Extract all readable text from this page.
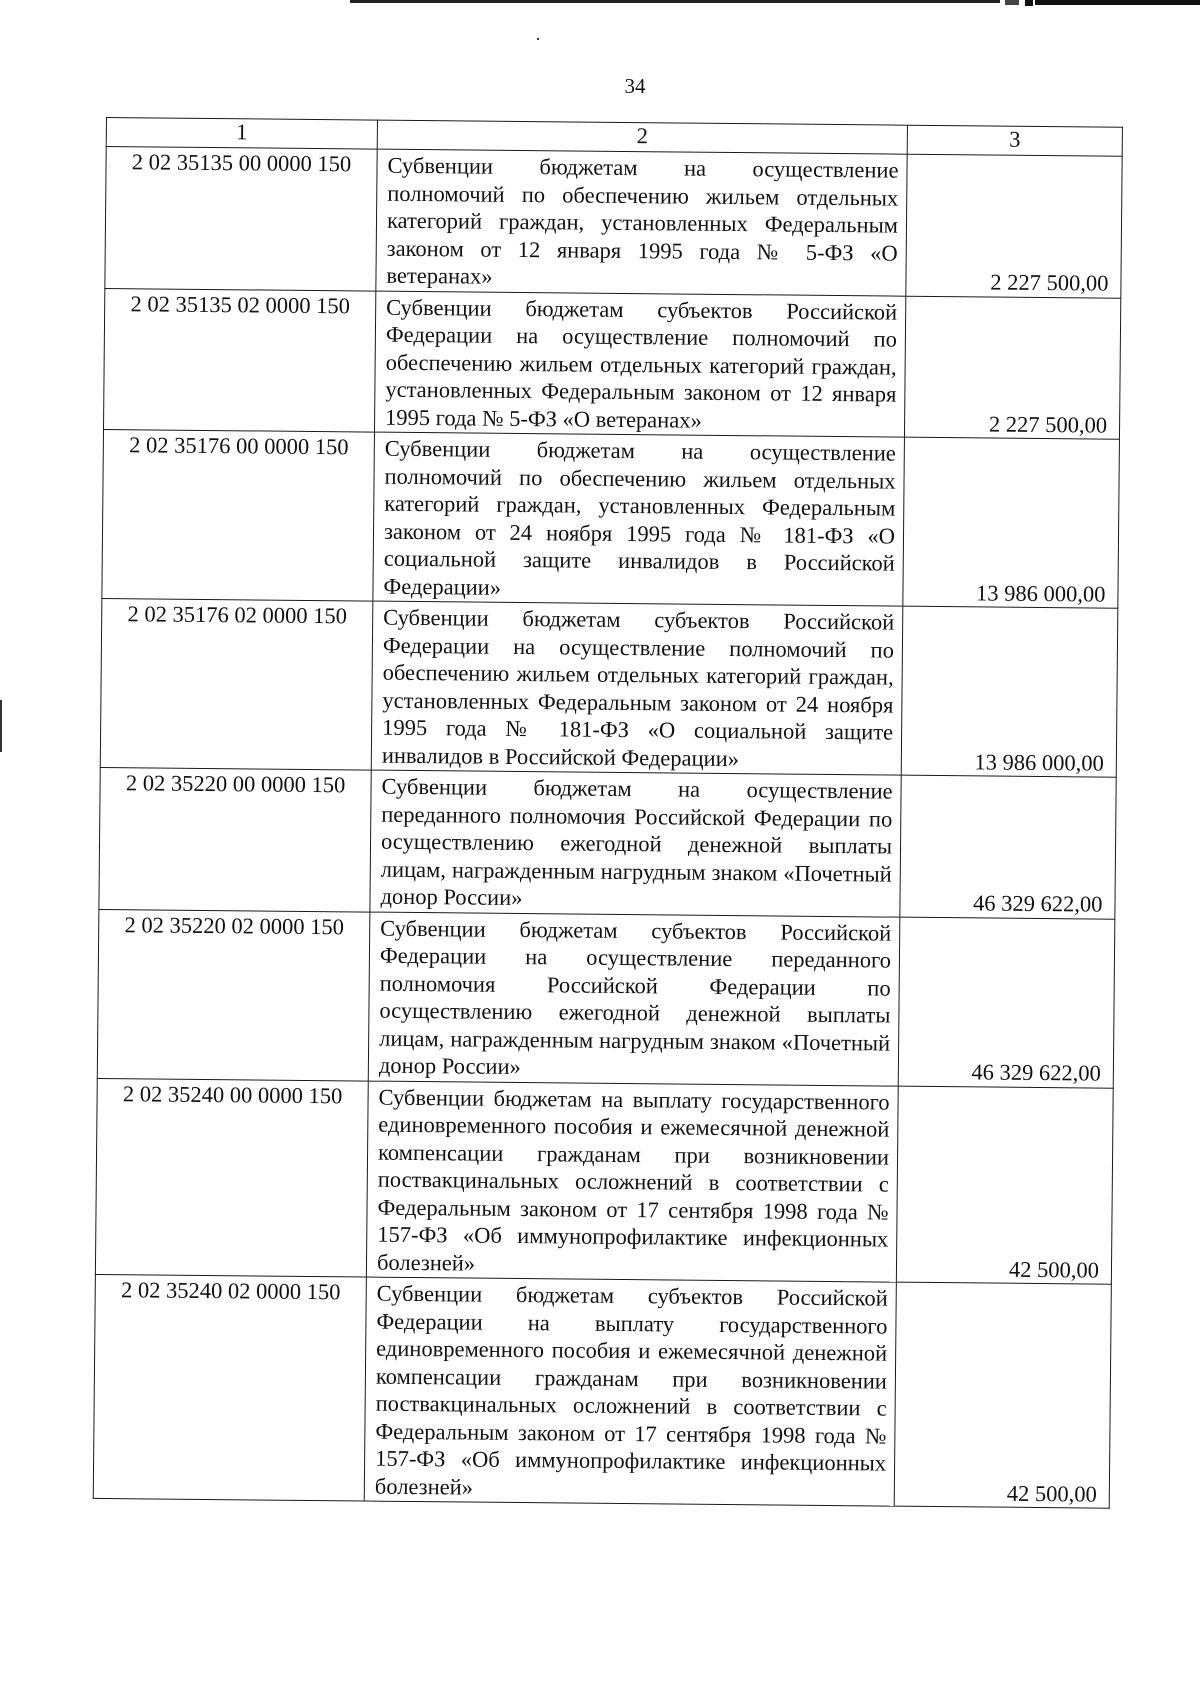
34
1	2	3
2 02 35135 00 0000 150	Субвенции бюджетам на осуществление полномочий по обеспечению жильем отдельных категорий граждан, установленных Федеральным законом от 12 января 1995 года № 5-ФЗ «О ветеранах»	2 227 500,00
2 02 35135 02 0000 150	Субвенции бюджетам субъектов Российской Федерации на осуществление полномочий по обеспечению жильем отдельных категорий граждан, установленных Федеральным законом от 12 января 1995 года № 5-ФЗ «О ветеранах»	2 227 500,00
2 02 35176 00 0000 150	Субвенции бюджетам на осуществление полномочий по обеспечению жильем отдельных категорий граждан, установленных Федеральным законом от 24 ноября 1995 года № 181-ФЗ «О социальной защите инвалидов в Российской Федерации»	13 986 000,00
2 02 35176 02 0000 150	Субвенции бюджетам субъектов Российской Федерации на осуществление полномочий по обеспечению жильем отдельных категорий граждан, установленных Федеральным законом от 24 ноября 1995 года № 181-ФЗ «О социальной защите инвалидов в Российской Федерации»	13 986 000,00
2 02 35220 00 0000 150	Субвенции бюджетам на осуществление переданного полномочия Российской Федерации по осуществлению ежегодной денежной выплаты лицам, награжденным нагрудным знаком «Почетный донор России»	46 329 622,00
2 02 35220 02 0000 150	Субвенции бюджетам субъектов Российской Федерации на осуществление переданного полномочия Российской Федерации по осуществлению ежегодной денежной выплаты лицам, награжденным нагрудным знаком «Почетный донор России»	46 329 622,00
2 02 35240 00 0000 150	Субвенции бюджетам на выплату государственного единовременного пособия и ежемесячной денежной компенсации гражданам при возникновении поствакцинальных осложнений в соответствии с Федеральным законом от 17 сентября 1998 года № 157-ФЗ «Об иммунопрофилактике инфекционных болезней»	42 500,00
2 02 35240 02 0000 150	Субвенции бюджетам субъектов Российской Федерации на выплату государственного единовременного пособия и ежемесячной денежной компенсации гражданам при возникновении поствакцинальных осложнений в соответствии с Федеральным законом от 17 сентября 1998 года № 157-ФЗ «Об иммунопрофилактике инфекционных болезней»	42 500,00
